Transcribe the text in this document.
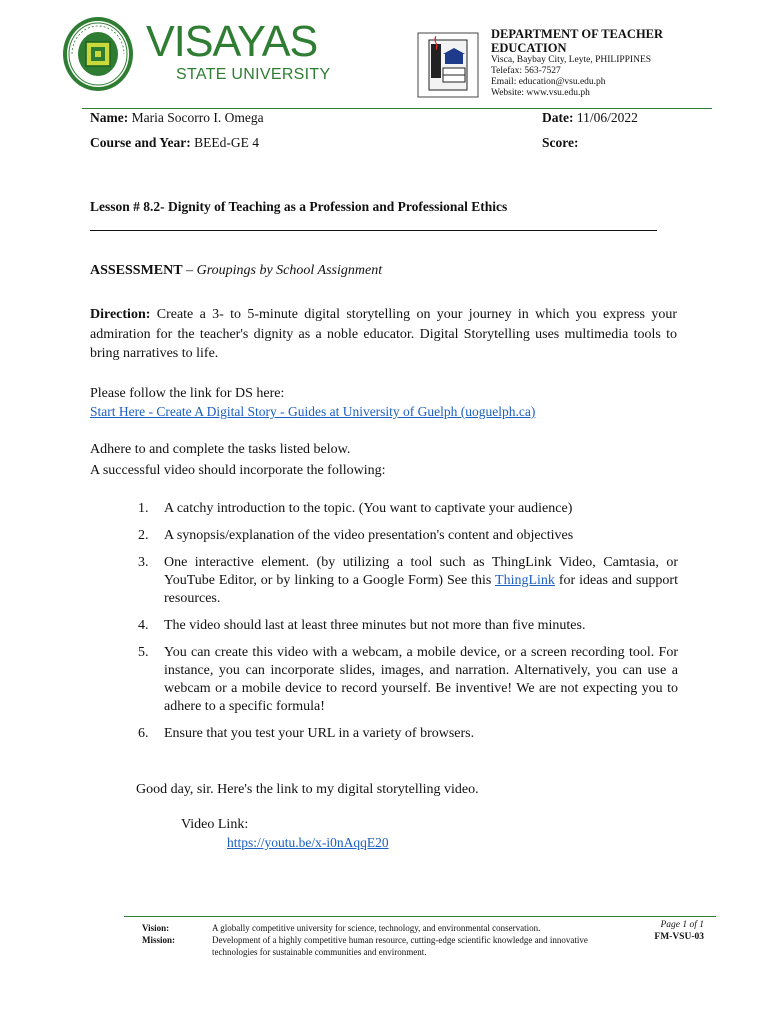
VISAYAS
STATE UNIVERSITY
DEPARTMENT OF TEACHER EDUCATION
Visca, Baybay City, Leyte, PHILIPPINES
Telefax: 563-7527
Email: education@vsu.edu.ph
Website: www.vsu.edu.ph
Name: Maria Socorro I. Omega	Date: 11/06/2022
Course and Year: BEEd-GE 4	Score:
Lesson # 8.2- Dignity of Teaching as a Profession and Professional Ethics
ASSESSMENT – Groupings by School Assignment
Direction: Create a 3- to 5-minute digital storytelling on your journey in which you express your admiration for the teacher's dignity as a noble educator. Digital Storytelling uses multimedia tools to bring narratives to life.
Please follow the link for DS here:
Start Here - Create A Digital Story - Guides at University of Guelph (uoguelph.ca)
Adhere to and complete the tasks listed below.
A successful video should incorporate the following:
1. A catchy introduction to the topic. (You want to captivate your audience)
2. A synopsis/explanation of the video presentation's content and objectives
3. One interactive element. (by utilizing a tool such as ThingLink Video, Camtasia, or YouTube Editor, or by linking to a Google Form) See this ThingLink for ideas and support resources.
4. The video should last at least three minutes but not more than five minutes.
5. You can create this video with a webcam, a mobile device, or a screen recording tool. For instance, you can incorporate slides, images, and narration. Alternatively, you can use a webcam or a mobile device to record yourself. Be inventive! We are not expecting you to adhere to a specific formula!
6. Ensure that you test your URL in a variety of browsers.
Good day, sir. Here's the link to my digital storytelling video.
Video Link:
https://youtu.be/x-i0nAqqE20
Vision:
Mission:
A globally competitive university for science, technology, and environmental conservation.
Development of a highly competitive human resource, cutting-edge scientific knowledge and innovative technologies for sustainable communities and environment.
Page 1 of 1
FM-VSU-03
